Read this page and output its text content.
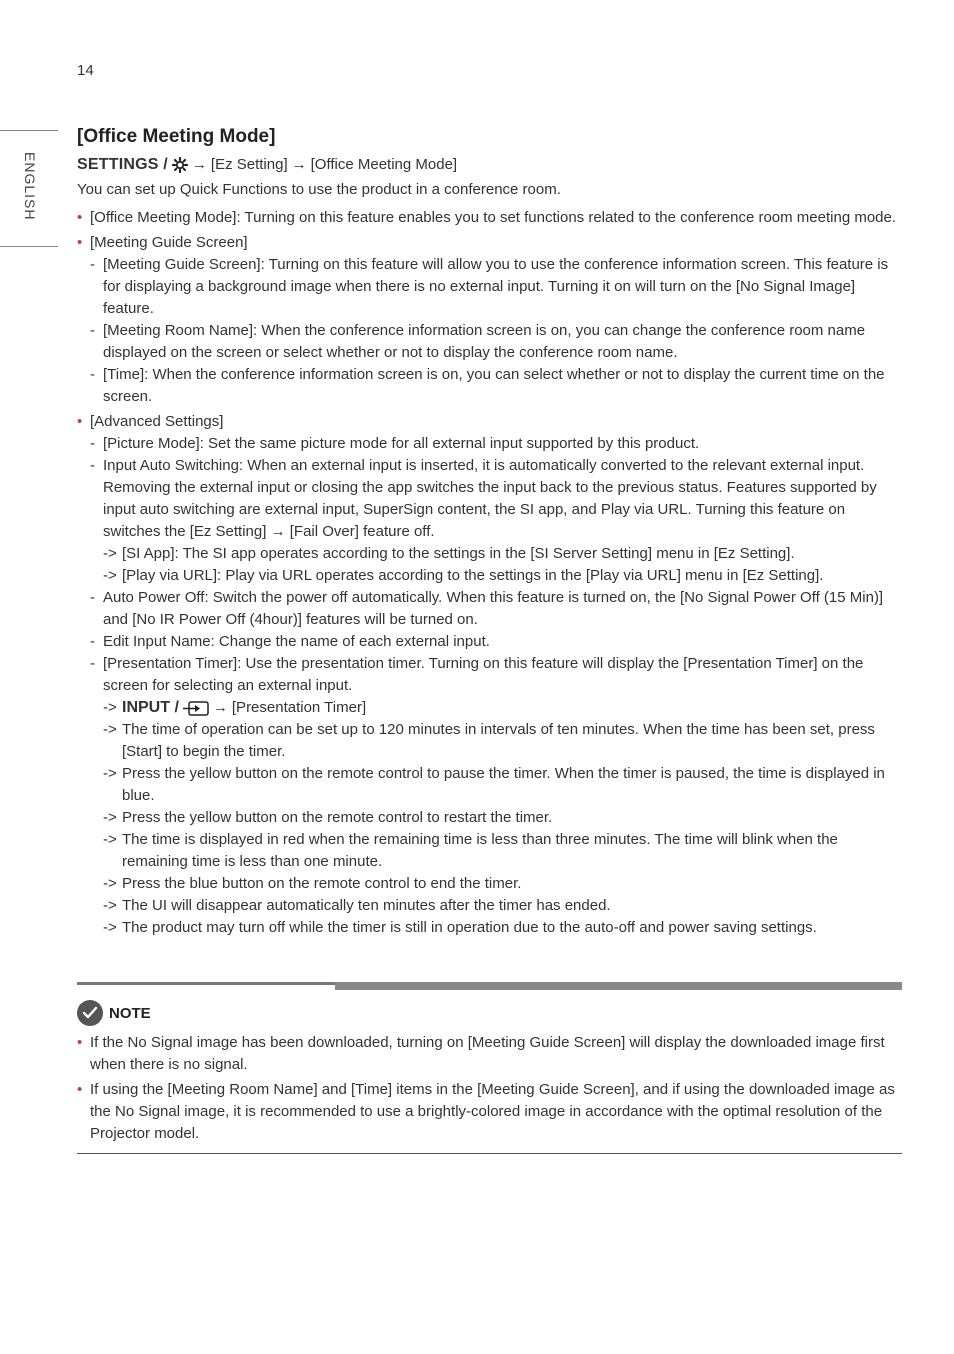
14
ENGLISH
[Office Meeting Mode]
SETTINGS / → [Ez Setting] → [Office Meeting Mode]
You can set up Quick Functions to use the product in a conference room.
• [Office Meeting Mode]: Turning on this feature enables you to set functions related to the conference room meeting mode.
• [Meeting Guide Screen]
- [Meeting Guide Screen]: Turning on this feature will allow you to use the conference information screen. This feature is for displaying a background image when there is no external input. Turning it on will turn on the [No Signal Image] feature.
- [Meeting Room Name]: When the conference information screen is on, you can change the conference room name displayed on the screen or select whether or not to display the conference room name.
- [Time]: When the conference information screen is on, you can select whether or not to display the current time on the screen.
• [Advanced Settings]
- [Picture Mode]: Set the same picture mode for all external input supported by this product.
- Input Auto Switching: When an external input is inserted, it is automatically converted to the relevant external input. Removing the external input or closing the app switches the input back to the previous status. Features supported by input auto switching are external input, SuperSign content, the SI app, and Play via URL. Turning this feature on switches the [Ez Setting] → [Fail Over] feature off.
-> [SI App]: The SI app operates according to the settings in the [SI Server Setting] menu in [Ez Setting].
-> [Play via URL]: Play via URL operates according to the settings in the [Play via URL] menu in [Ez Setting].
- Auto Power Off: Switch the power off automatically. When this feature is turned on, the [No Signal Power Off (15 Min)] and [No IR Power Off (4hour)] features will be turned on.
- Edit Input Name: Change the name of each external input.
- [Presentation Timer]: Use the presentation timer. Turning on this feature will display the [Presentation Timer] on the screen for selecting an external input.
-> INPUT / → [Presentation Timer]
-> The time of operation can be set up to 120 minutes in intervals of ten minutes. When the time has been set, press [Start] to begin the timer.
-> Press the yellow button on the remote control to pause the timer. When the timer is paused, the time is displayed in blue.
-> Press the yellow button on the remote control to restart the timer.
-> The time is displayed in red when the remaining time is less than three minutes. The time will blink when the remaining time is less than one minute.
-> Press the blue button on the remote control to end the timer.
-> The UI will disappear automatically ten minutes after the timer has ended.
-> The product may turn off while the timer is still in operation due to the auto-off and power saving settings.
NOTE
• If the No Signal image has been downloaded, turning on [Meeting Guide Screen] will display the downloaded image first when there is no signal.
• If using the [Meeting Room Name] and [Time] items in the [Meeting Guide Screen], and if using the downloaded image as the No Signal image, it is recommended to use a brightly-colored image in accordance with the optimal resolution of the Projector model.
